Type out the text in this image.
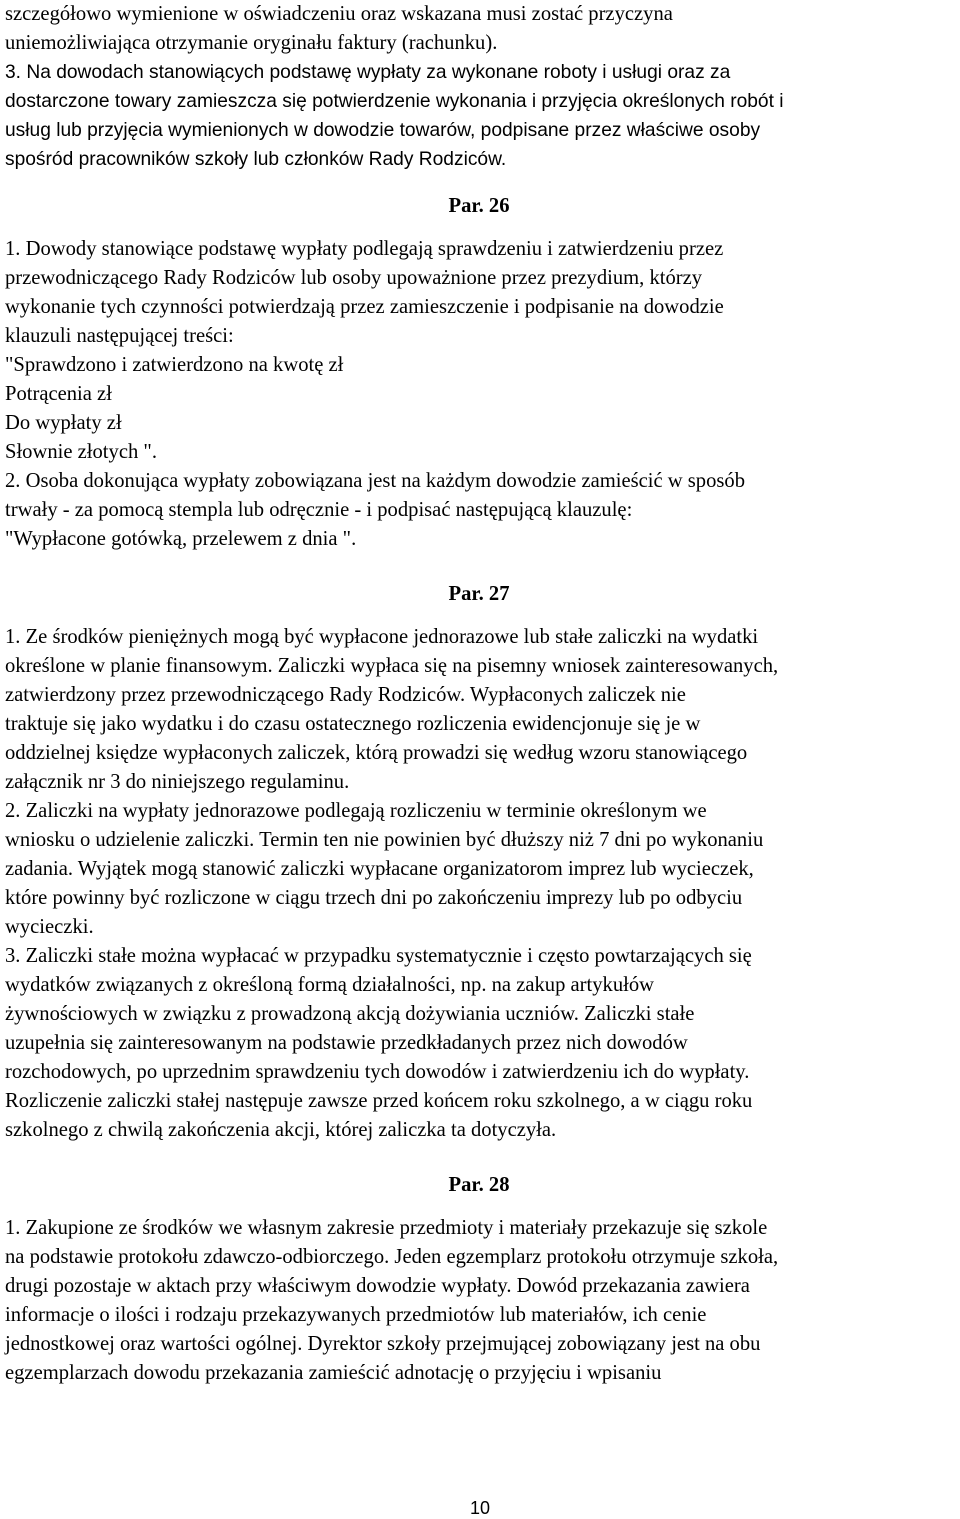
szczegółowo wymienione w oświadczeniu oraz wskazana musi zostać przyczyna
uniemożliwiająca otrzymanie oryginału faktury (rachunku).
3. Na dowodach stanowiących podstawę wypłaty za wykonane roboty i usługi oraz za
dostarczone towary zamieszcza się potwierdzenie wykonania i przyjęcia określonych robót i
usług lub przyjęcia wymienionych w dowodzie towarów, podpisane przez właściwe osoby
spośród pracowników szkoły lub członków Rady Rodziców.
Par. 26
1. Dowody stanowiące podstawę wypłaty podlegają sprawdzeniu i zatwierdzeniu przez
przewodniczącego Rady Rodziców lub osoby upoważnione przez prezydium, którzy
wykonanie tych czynności potwierdzają przez zamieszczenie i podpisanie na dowodzie
klauzuli następującej treści:
"Sprawdzono i zatwierdzono na kwotę zł
Potrącenia zł
Do wypłaty zł
Słownie złotych ".
2. Osoba dokonująca wypłaty zobowiązana jest na każdym dowodzie zamieścić w sposób
trwały - za pomocą stempla lub odręcznie - i podpisać następującą klauzulę:
"Wypłacone gotówką, przelewem z dnia ".
Par. 27
1. Ze środków pieniężnych mogą być wypłacone jednorazowe lub stałe zaliczki na wydatki
określone w planie finansowym. Zaliczki wypłaca się na pisemny wniosek zainteresowanych,
zatwierdzony przez przewodniczącego Rady Rodziców. Wypłaconych zaliczek nie
traktuje się jako wydatku i do czasu ostatecznego rozliczenia ewidencjonuje się je w
oddzielnej księdze wypłaconych zaliczek, którą prowadzi się według wzoru stanowiącego
załącznik nr 3 do niniejszego regulaminu.
2. Zaliczki na wypłaty jednorazowe podlegają rozliczeniu w terminie określonym we
wniosku o udzielenie zaliczki. Termin ten nie powinien być dłuższy niż 7 dni po wykonaniu
zadania. Wyjątek mogą stanowić zaliczki wypłacane organizatorom imprez lub wycieczek,
które powinny być rozliczone w ciągu trzech dni po zakończeniu imprezy lub po odbyciu
wycieczki.
3. Zaliczki stałe można wypłacać w przypadku systematycznie i często powtarzających się
wydatków związanych z określoną formą działalności, np. na zakup artykułów
żywnościowych w związku z prowadzoną akcją dożywiania uczniów. Zaliczki stałe
uzupełnia się zainteresowanym na podstawie przedkładanych przez nich dowodów
rozchodowych, po uprzednim sprawdzeniu tych dowodów i zatwierdzeniu ich do wypłaty.
Rozliczenie zaliczki stałej następuje zawsze przed końcem roku szkolnego, a w ciągu roku
szkolnego z chwilą zakończenia akcji, której zaliczka ta dotyczyła.
Par. 28
1. Zakupione ze środków we własnym zakresie przedmioty i materiały przekazuje się szkole
na podstawie protokołu zdawczo-odbiorczego. Jeden egzemplarz protokołu otrzymuje szkoła,
drugi pozostaje w aktach przy właściwym dowodzie wypłaty. Dowód przekazania zawiera
informacje o ilości i rodzaju przekazywanych przedmiotów lub materiałów, ich cenie
jednostkowej oraz wartości ogólnej. Dyrektor szkoły przejmującej zobowiązany jest na obu
egzemplarzach dowodu przekazania zamieścić adnotację o przyjęciu i wpisaniu
10
